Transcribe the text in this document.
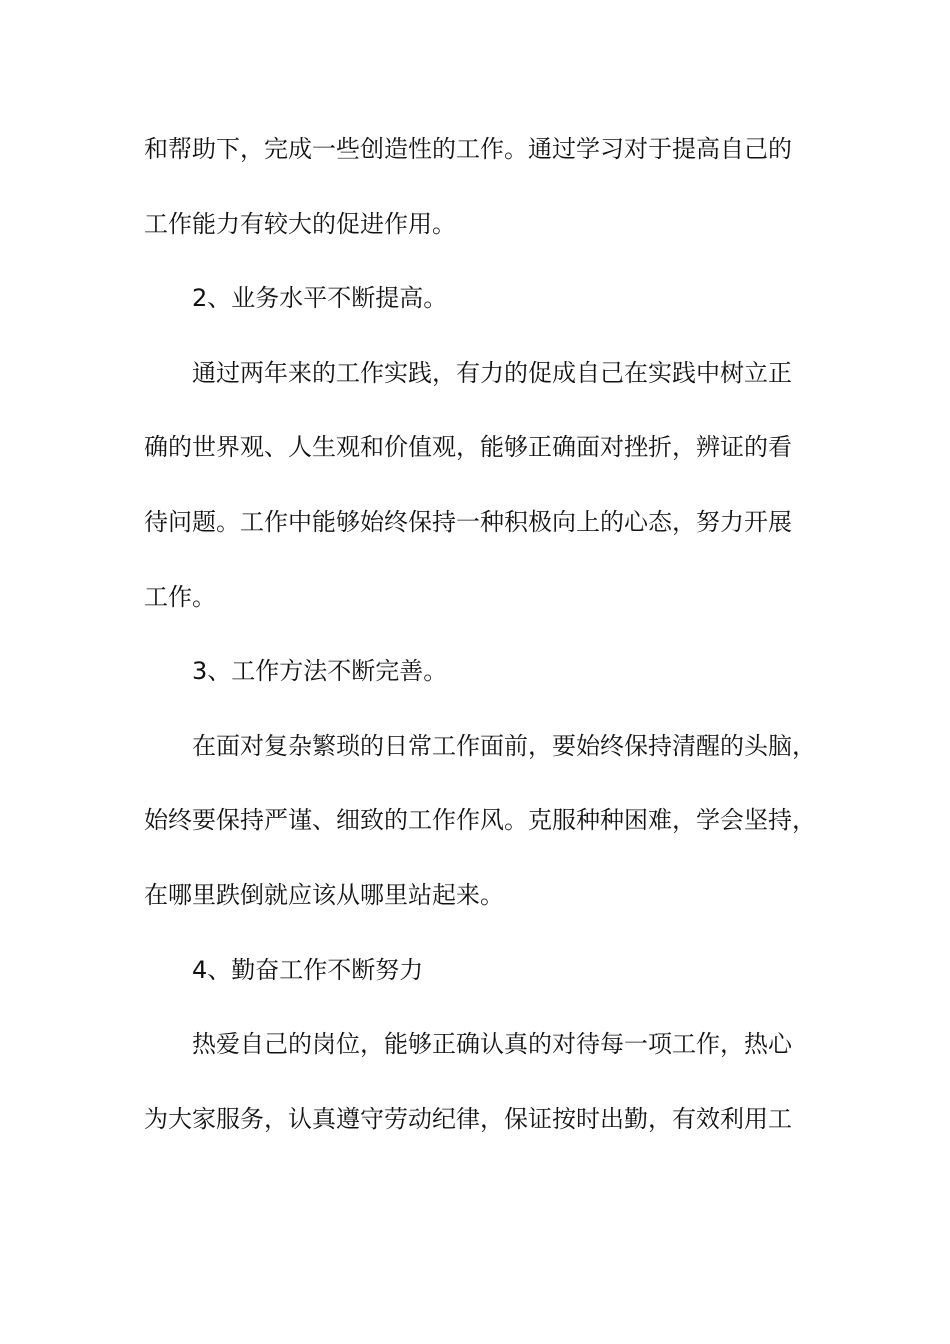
和帮助下，完成一些创造性的工作。通过学习对于提高自己的
工作能力有较大的促进作用。
2、业务水平不断提高。
通过两年来的工作实践，有力的促成自己在实践中树立正
确的世界观、人生观和价值观，能够正确面对挫折，辨证的看
待问题。工作中能够始终保持一种积极向上的心态，努力开展
工作。
3、工作方法不断完善。
在面对复杂繁琐的日常工作面前，要始终保持清醒的头脑，
始终要保持严谨、细致的工作作风。克服种种困难，学会坚持，
在哪里跌倒就应该从哪里站起来。
4、勤奋工作不断努力
热爱自己的岗位，能够正确认真的对待每一项工作，热心
为大家服务，认真遵守劳动纪律，保证按时出勤，有效利用工
